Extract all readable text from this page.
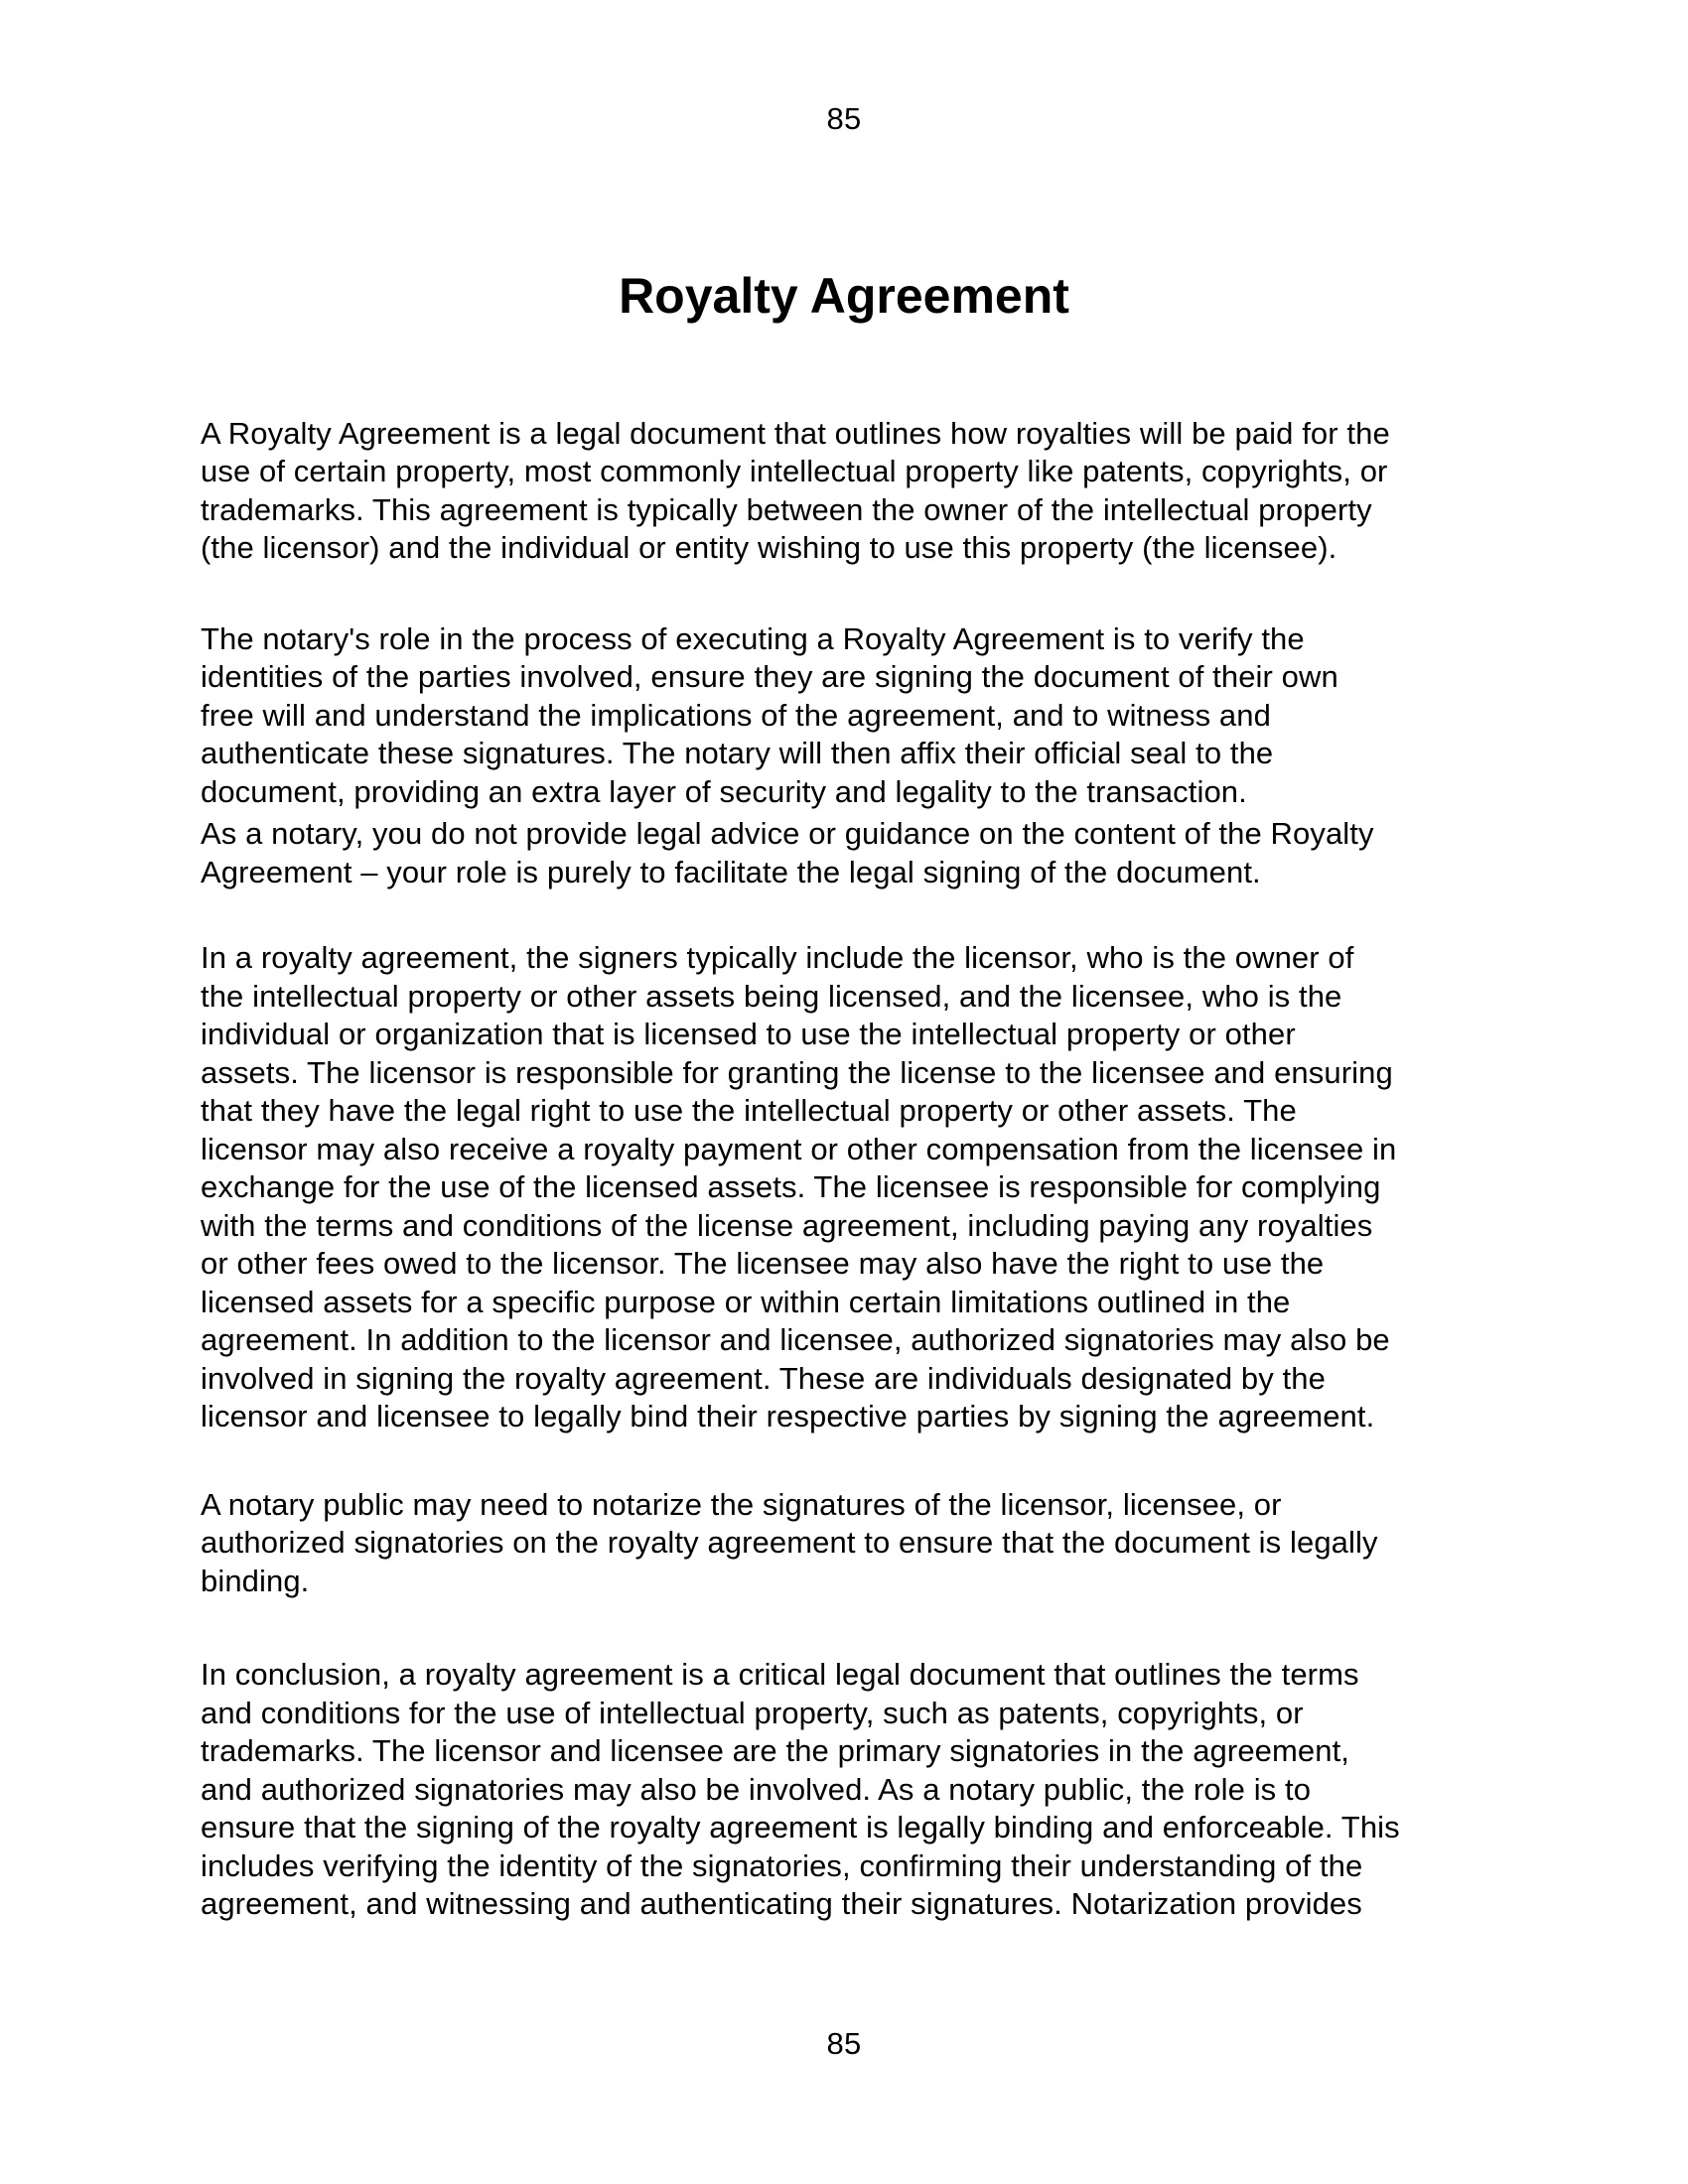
85
Royalty Agreement
A Royalty Agreement is a legal document that outlines how royalties will be paid for the
use of certain property, most commonly intellectual property like patents, copyrights, or
trademarks. This agreement is typically between the owner of the intellectual property
(the licensor) and the individual or entity wishing to use this property (the licensee).
The notary's role in the process of executing a Royalty Agreement is to verify the
identities of the parties involved, ensure they are signing the document of their own
free will and understand the implications of the agreement, and to witness and
authenticate these signatures. The notary will then affix their official seal to the
document, providing an extra layer of security and legality to the transaction.
As a notary, you do not provide legal advice or guidance on the content of the Royalty
Agreement – your role is purely to facilitate the legal signing of the document.
In a royalty agreement, the signers typically include the licensor, who is the owner of
the intellectual property or other assets being licensed, and the licensee, who is the
individual or organization that is licensed to use the intellectual property or other
assets. The licensor is responsible for granting the license to the licensee and ensuring
that they have the legal right to use the intellectual property or other assets. The
licensor may also receive a royalty payment or other compensation from the licensee in
exchange for the use of the licensed assets. The licensee is responsible for complying
with the terms and conditions of the license agreement, including paying any royalties
or other fees owed to the licensor. The licensee may also have the right to use the
licensed assets for a specific purpose or within certain limitations outlined in the
agreement. In addition to the licensor and licensee, authorized signatories may also be
involved in signing the royalty agreement. These are individuals designated by the
licensor and licensee to legally bind their respective parties by signing the agreement.
A notary public may need to notarize the signatures of the licensor, licensee, or
authorized signatories on the royalty agreement to ensure that the document is legally
binding.
In conclusion, a royalty agreement is a critical legal document that outlines the terms
and conditions for the use of intellectual property, such as patents, copyrights, or
trademarks. The licensor and licensee are the primary signatories in the agreement,
and authorized signatories may also be involved. As a notary public, the role is to
ensure that the signing of the royalty agreement is legally binding and enforceable. This
includes verifying the identity of the signatories, confirming their understanding of the
agreement, and witnessing and authenticating their signatures. Notarization provides
85
